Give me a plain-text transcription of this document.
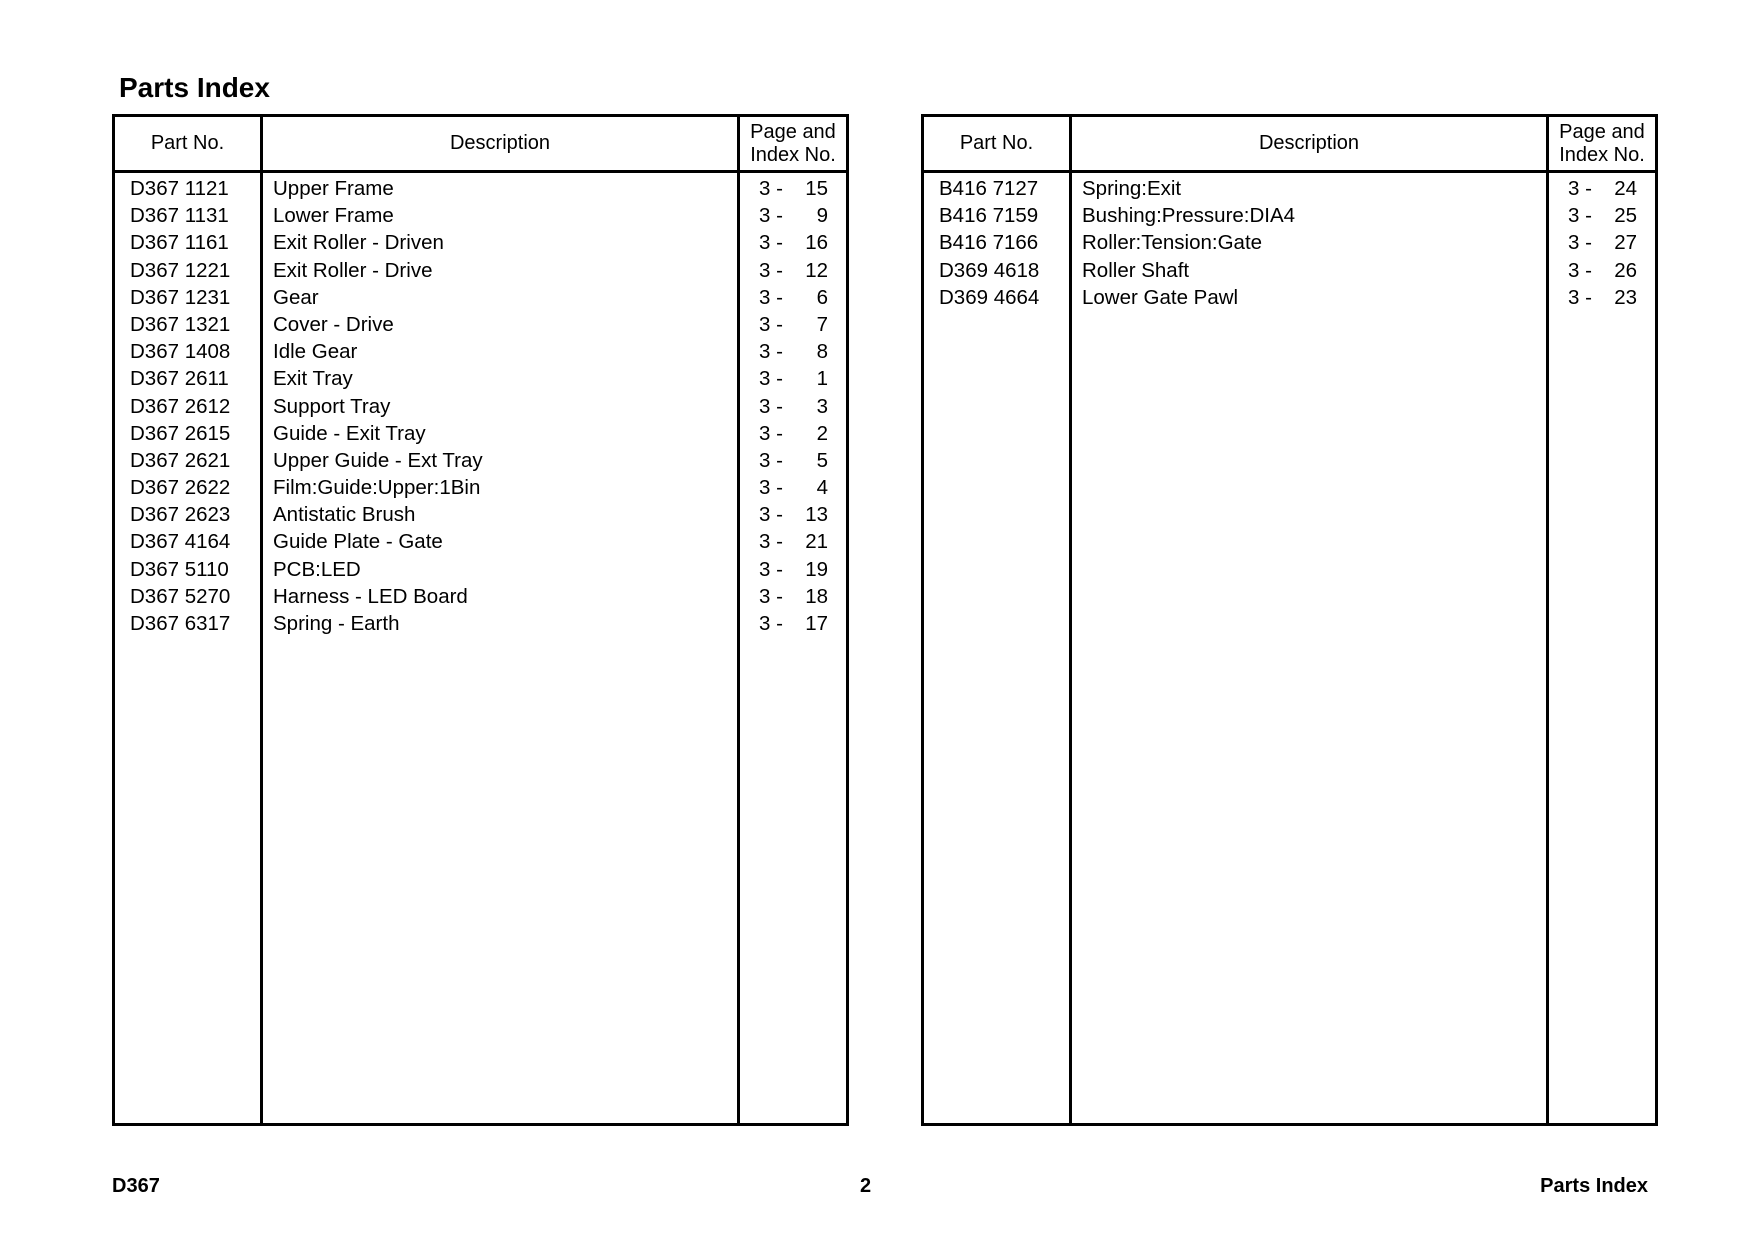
Parts Index
Part No.	Description
Page and
Index No.
D367 1121 Upper Frame	3 -	15
D367 1131 Lower Frame	3 -	9
D367 1161 Exit Roller - Driven	3 -	16
D367 1221 Exit Roller - Drive	3 -	12
D367 1231 Gear	3 -	6
D367 1321 Cover - Drive	3 -	7
D367 1408 Idle Gear	3 -	8
D367 2611 Exit Tray	3 -	1
D367 2612 Support Tray	3 -	3
D367 2615 Guide - Exit Tray	3 -	2
D367 2621 Upper Guide - Ext Tray	3 -	5
D367 2622 Film:Guide:Upper:1Bin	3 -	4
D367 2623 Antistatic Brush	3 -	13
D367 4164 Guide Plate - Gate	3 -	21
D367 5110 PCB:LED	3 -	19
D367 5270 Harness - LED Board	3 -	18
D367 6317 Spring - Earth	3 -	17
Part No.	Description
Page and
Index No.
B416 7127 Spring:Exit	3 -	24
B416 7159 Bushing:Pressure:DIA4	3 -	25
B416 7166 Roller:Tension:Gate	3 -	27
D369 4618 Roller Shaft	3 -	26
D369 4664 Lower Gate Pawl	3 -	23
D367	2	Parts Index
